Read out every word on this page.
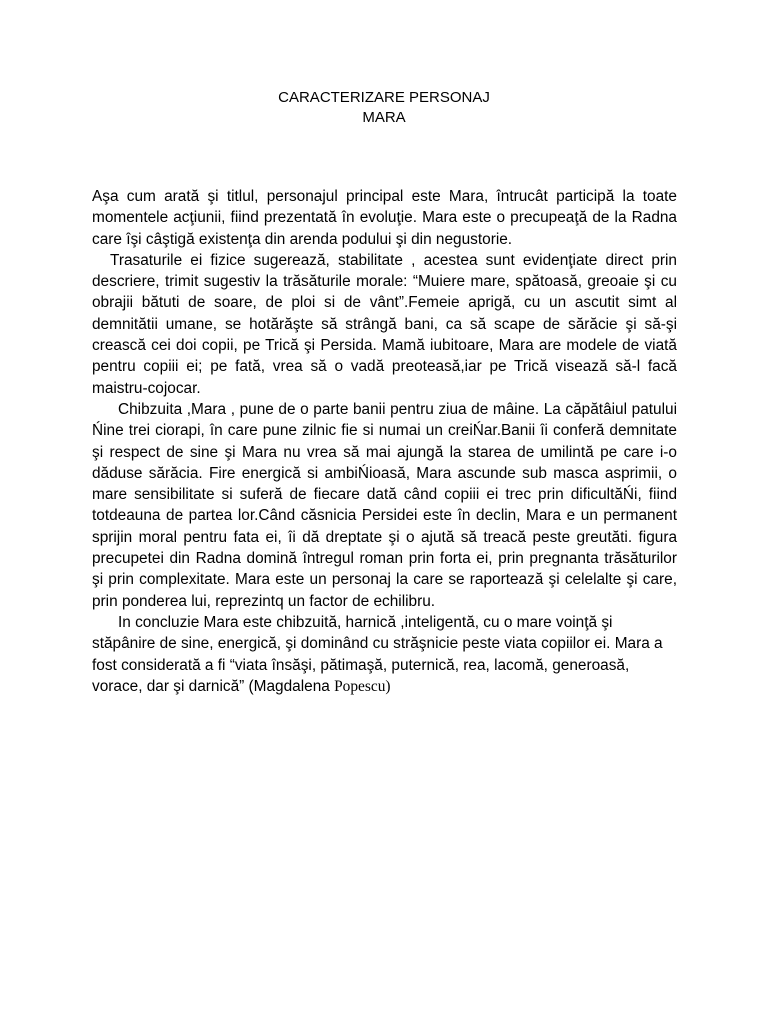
CARACTERIZARE PERSONAJ
MARA

Aşa cum arată şi titlul, personajul principal este Mara, întrucât participă la toate momentele acţiunii, fiind prezentată în evoluţie. Mara este o precupeaţă de la Radna care îşi câştigă existenţa din arenda podului şi din negustorie.

Trasaturile ei fizice sugerează, stabilitate , acestea sunt evidenţiate direct prin descriere, trimit sugestiv la trăsăturile morale: “Muiere mare, spătoasă, greoaie şi cu obrajii bătuti de soare, de ploi si de vânt”.Femeie aprigă, cu un ascutit simt al demnitătii umane, se hotărăşte să strângă bani, ca să scape de sărăcie şi să-şi crească cei doi copii, pe Trică şi Persida. Mamă iubitoare, Mara are modele de viată pentru copiii ei; pe fată, vrea să o vadă preoteasă,iar pe Trică visează să-l facă maistru-cojocar.

Chibzuita ,Mara , pune de o parte banii pentru ziua de mâine. La căpătâiul patului Ńine trei ciorapi, în care pune zilnic fie si numai un creiŃar.Banii îi conferă demnitate şi respect de sine şi Mara nu vrea să mai ajungă la starea de umilintă pe care i-o dăduse sărăcia. Fire energică si ambiŃioasă, Mara ascunde sub masca asprimii, o mare sensibilitate si suferă de fiecare dată când copiii ei trec prin dificultăŃi, fiind totdeauna de partea lor.Când căsnicia Persidei este în declin, Mara e un permanent sprijin moral pentru fata ei, îi dă dreptate şi o ajută să treacă peste greutăti. figura precupetei din Radna domină întregul roman prin forta ei, prin pregnanta trăsăturilor şi prin complexitate. Mara este un personaj la care se raportează şi celelalte şi care, prin ponderea lui, reprezintq un factor de echilibru.

In concluzie Mara este chibzuită, harnică ,inteligentă, cu o mare voinţă şi stăpânire de sine, energică, şi dominând cu străşnicie peste viata copiilor ei. Mara a fost considerată a fi “viata însăşi, pătimaşă, puternică, rea, lacomă, generoasă, vorace, dar şi darnică” (Magdalena Popescu)
